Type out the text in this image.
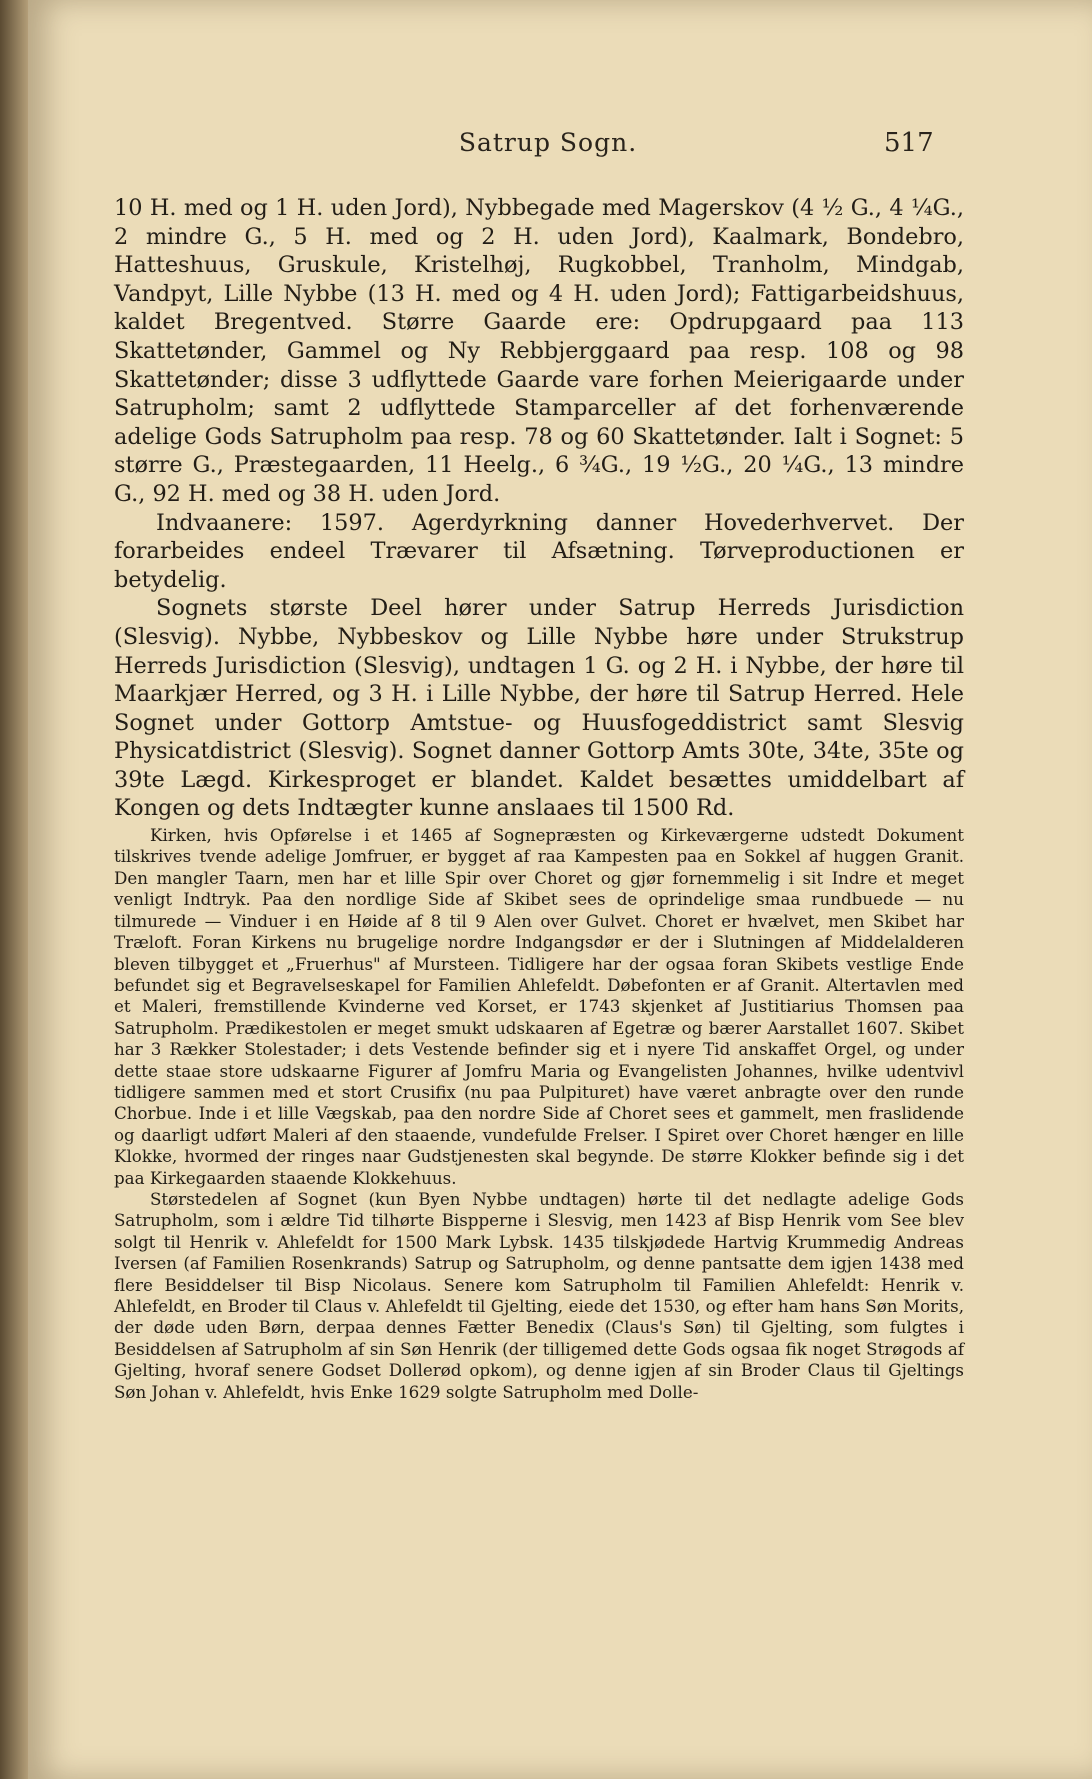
Satrup Sogn.	517

10 H. med og 1 H. uden Jord), Nybbegade med Magerskov (4 ½ G., 4 ¼G., 2 mindre G., 5 H. med og 2 H. uden Jord), Kaalmark, Bondebro, Hatteshuus, Gruskule, Kristelhøj, Rugkobbel, Tranholm, Mindgab, Vandpyt, Lille Nybbe (13 H. med og 4 H. uden Jord); Fattigarbeidshuus, kaldet Bregentved. Større Gaarde ere: Opdrupgaard paa 113 Skattetønder, Gammel og Ny Rebbjerggaard paa resp. 108 og 98 Skattetønder; disse 3 udflyttede Gaarde vare forhen Meierigaarde under Satrupholm; samt 2 udflyttede Stamparceller af det forhenværende adelige Gods Satrupholm paa resp. 78 og 60 Skattetønder. Ialt i Sognet: 5 større G., Præstegaarden, 11 Heelg., 6 ¾G., 19 ½G., 20 ¼G., 13 mindre G., 92 H. med og 38 H. uden Jord.

Indvaanere: 1597. Agerdyrkning danner Hovederhvervet. Der forarbeides endeel Trævarer til Afsætning. Tørveproductionen er betydelig.

Sognets største Deel hører under Satrup Herreds Jurisdiction (Slesvig). Nybbe, Nybbeskov og Lille Nybbe høre under Strukstrup Herreds Jurisdiction (Slesvig), undtagen 1 G. og 2 H. i Nybbe, der høre til Maarkjær Herred, og 3 H. i Lille Nybbe, der høre til Satrup Herred. Hele Sognet under Gottorp Amtstue- og Huusfogeddistrict samt Slesvig Physicatdistrict (Slesvig). Sognet danner Gottorp Amts 30te, 34te, 35te og 39te Lægd. Kirkesproget er blandet. Kaldet besættes umiddelbart af Kongen og dets Indtægter kunne anslaaes til 1500 Rd.

Kirken, hvis Opførelse i et 1465 af Sognepræsten og Kirkeværgerne udstedt Dokument tilskrives tvende adelige Jomfruer, er bygget af raa Kampesten paa en Sokkel af huggen Granit. Den mangler Taarn, men har et lille Spir over Choret og gjør fornemmelig i sit Indre et meget venligt Indtryk. Paa den nordlige Side af Skibet sees de oprindelige smaa rundbuede — nu tilmurede — Vinduer i en Høide af 8 til 9 Alen over Gulvet. Choret er hvælvet, men Skibet har Træloft. Foran Kirkens nu brugelige nordre Indgangsdør er der i Slutningen af Middelalderen bleven tilbygget et „Fruerhus" af Mursteen. Tidligere har der ogsaa foran Skibets vestlige Ende befundet sig et Begravelseskapel for Familien Ahlefeldt. Døbefonten er af Granit. Altertavlen med et Maleri, fremstillende Kvinderne ved Korset, er 1743 skjenket af Justitiarius Thomsen paa Satrupholm. Prædikestolen er meget smukt udskaaren af Egetræ og bærer Aarstallet 1607. Skibet har 3 Rækker Stolestader; i dets Vestende befinder sig et i nyere Tid anskaffet Orgel, og under dette staae store udskaarne Figurer af Jomfru Maria og Evangelisten Johannes, hvilke udentvivl tidligere sammen med et stort Crusifix (nu paa Pulpituret) have været anbragte over den runde Chorbue. Inde i et lille Vægskab, paa den nordre Side af Choret sees et gammelt, men fraslidende og daarligt udført Maleri af den staaende, vundefulde Frelser. I Spiret over Choret hænger en lille Klokke, hvormed der ringes naar Gudstjenesten skal begynde. De større Klokker befinde sig i det paa Kirkegaarden staaende Klokkehuus.

Størstedelen af Sognet (kun Byen Nybbe undtagen) hørte til det nedlagte adelige Gods Satrupholm, som i ældre Tid tilhørte Bispperne i Slesvig, men 1423 af Bisp Henrik vom See blev solgt til Henrik v. Ahlefeldt for 1500 Mark Lybsk. 1435 tilskjødede Hartvig Krummedig Andreas Iversen (af Familien Rosenkrands) Satrup og Satrupholm, og denne pantsatte dem igjen 1438 med flere Besiddelser til Bisp Nicolaus. Senere kom Satrupholm til Familien Ahlefeldt: Henrik v. Ahlefeldt, en Broder til Claus v. Ahlefeldt til Gjelting, eiede det 1530, og efter ham hans Søn Morits, der døde uden Børn, derpaa dennes Fætter Benedix (Claus's Søn) til Gjelting, som fulgtes i Besiddelsen af Satrupholm af sin Søn Henrik (der tilligemed dette Gods ogsaa fik noget Strøgods af Gjelting, hvoraf senere Godset Dollerød opkom), og denne igjen af sin Broder Claus til Gjeltings Søn Johan v. Ahlefeldt, hvis Enke 1629 solgte Satrupholm med Dolle-
